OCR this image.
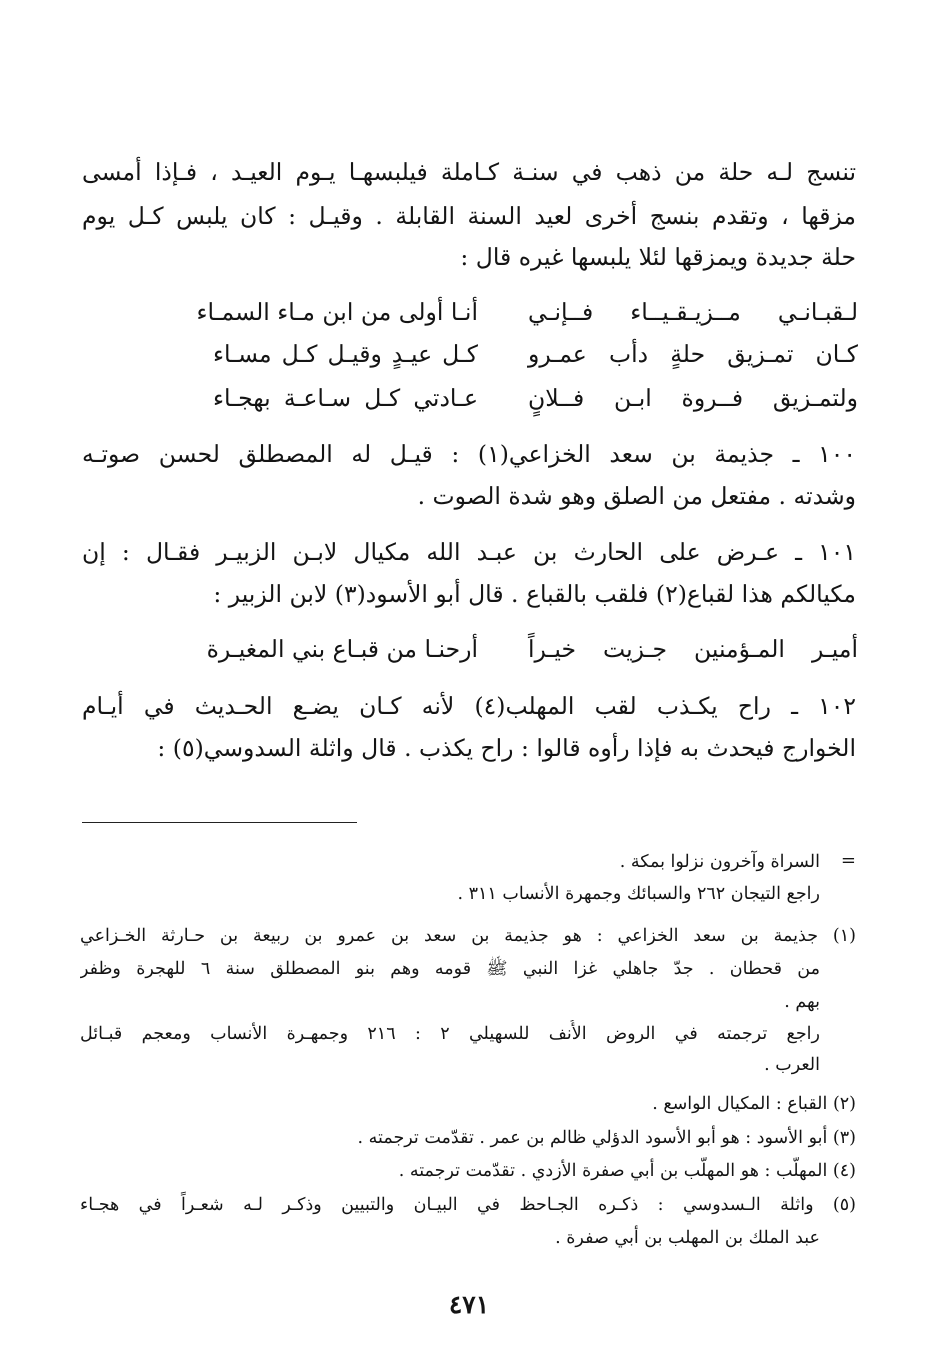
تنسج لـه حلة من ذهب في سنـة كـاملة فيلبسهـا يـوم العيـد ، فـإذا أمسى
مزقها ، وتقدم بنسج أخرى لعيد السنة القابلة . وقيـل : كان يلبس كـل يوم
حلة جديدة ويمزقها لئلا يلبسها غيره قال :
لـقبـانـي مــزيـقـيــاء فــإنـي
أنـا أولى من ابن مـاء السمـاء
كـان تمـزيق حلةٍ دأب عمـرو
كـل عيـدٍ وقيـل كـل مسـاء
ولتمـزيق فــروة ابـن فــلانٍ
عـادتي كـل سـاعـة بهجـاء
١٠٠ ـ جذيمة بن سعد الخزاعي(١) : قيـل له المصطلق لحسن صوتـه
وشدته . مفتعل من الصلق وهو شدة الصوت .
١٠١ ـ عـرض على الحارث بن عبـد الله مكيال لابـن الزبيـر فقـال : إن
مكيالكم هذا لقباع(٢) فلقب بالقباع . قال أبو الأسود(٣) لابن الزبير :
أميـر المـؤمنين جـزيت خيـراً
أرحنـا من قبـاع بني المغيـرة
١٠٢ ـ راح يكـذب لقب المهلب(٤) لأنه كـان يضـع الحـديث في أيـام
الخوارج فيحدث به فإذا رأوه قالوا : راح يكذب . قال واثلة السدوسي(٥) :
=
السراة وآخرون نزلوا بمكة .
راجع التيجان ٢٦٢ والسبائك وجمهرة الأنساب ٣١١ .
(١) جذيمة بن سعد الخزاعي : هو جذيمة بن سعد بن عمرو بن ربيعة بن حـارثة الخـزاعي
من قحطان . جدّ جاهلي غزا النبي ﷺ قومه وهم بنو المصطلق سنة ٦ للهجرة وظفر
بهم .
راجع ترجمته في الروض الأُنف للسهيلي ٢ : ٢١٦ وجمهـرة الأنساب ومعجم قبـائل
العرب .
(٢) القباع : المكيال الواسع .
(٣) أبو الأسود : هو أبو الأسود الدؤلي ظالم بن عمر . تقدّمت ترجمته .
(٤) المهلّب : هو المهلّب بن أبي صفرة الأزدي . تقدّمت ترجمته .
(٥) واثلة الـسدوسي : ذكـره الجـاحظ في البيـان والتبيين وذكـر لـه شعـراً في هجـاء
عبد الملك بن المهلب بن أبي صفرة .
٤٧١
